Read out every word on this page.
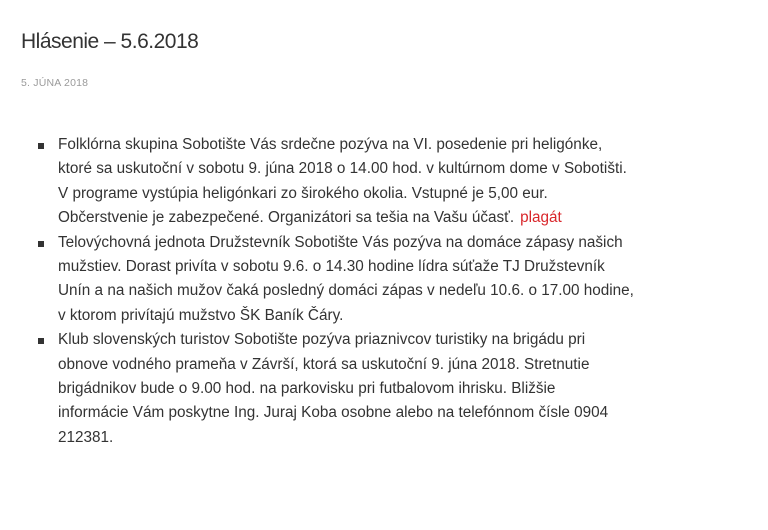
Hlásenie – 5.6.2018
5. JÚNA 2018
Folklórna skupina Sobotište Vás srdečne pozýva na VI. posedenie pri heligónke,
ktoré sa uskutoční v sobotu 9. júna 2018 o 14.00 hod. v kultúrnom dome v Sobotišti.
V programe vystúpia heligónkari zo širokého okolia. Vstupné je 5,00 eur.
Občerstvenie je zabezpečené. Organizátori sa tešia na Vašu účasť. plagát
Telovýchovná jednota Družstevník Sobotište Vás pozýva na domáce zápasy našich
mužstiev. Dorast privíta v sobotu 9.6. o 14.30 hodine lídra súťaže TJ Družstevník
Unín a na našich mužov čaká posledný domáci zápas v nedeľu 10.6. o 17.00 hodine,
v ktorom privítajú mužstvo ŠK Baník Čáry.
Klub slovenských turistov Sobotište pozýva priaznivcov turistiky na brigádu pri
obnove vodného prameňa v Závrší, ktorá sa uskutoční 9. júna 2018. Stretnutie
brigádnikov bude o 9.00 hod. na parkovisku pri futbalovom ihrisku. Bližšie
informácie Vám poskytne Ing. Juraj Koba osobne alebo na telefónnom čísle 0904
212381.
